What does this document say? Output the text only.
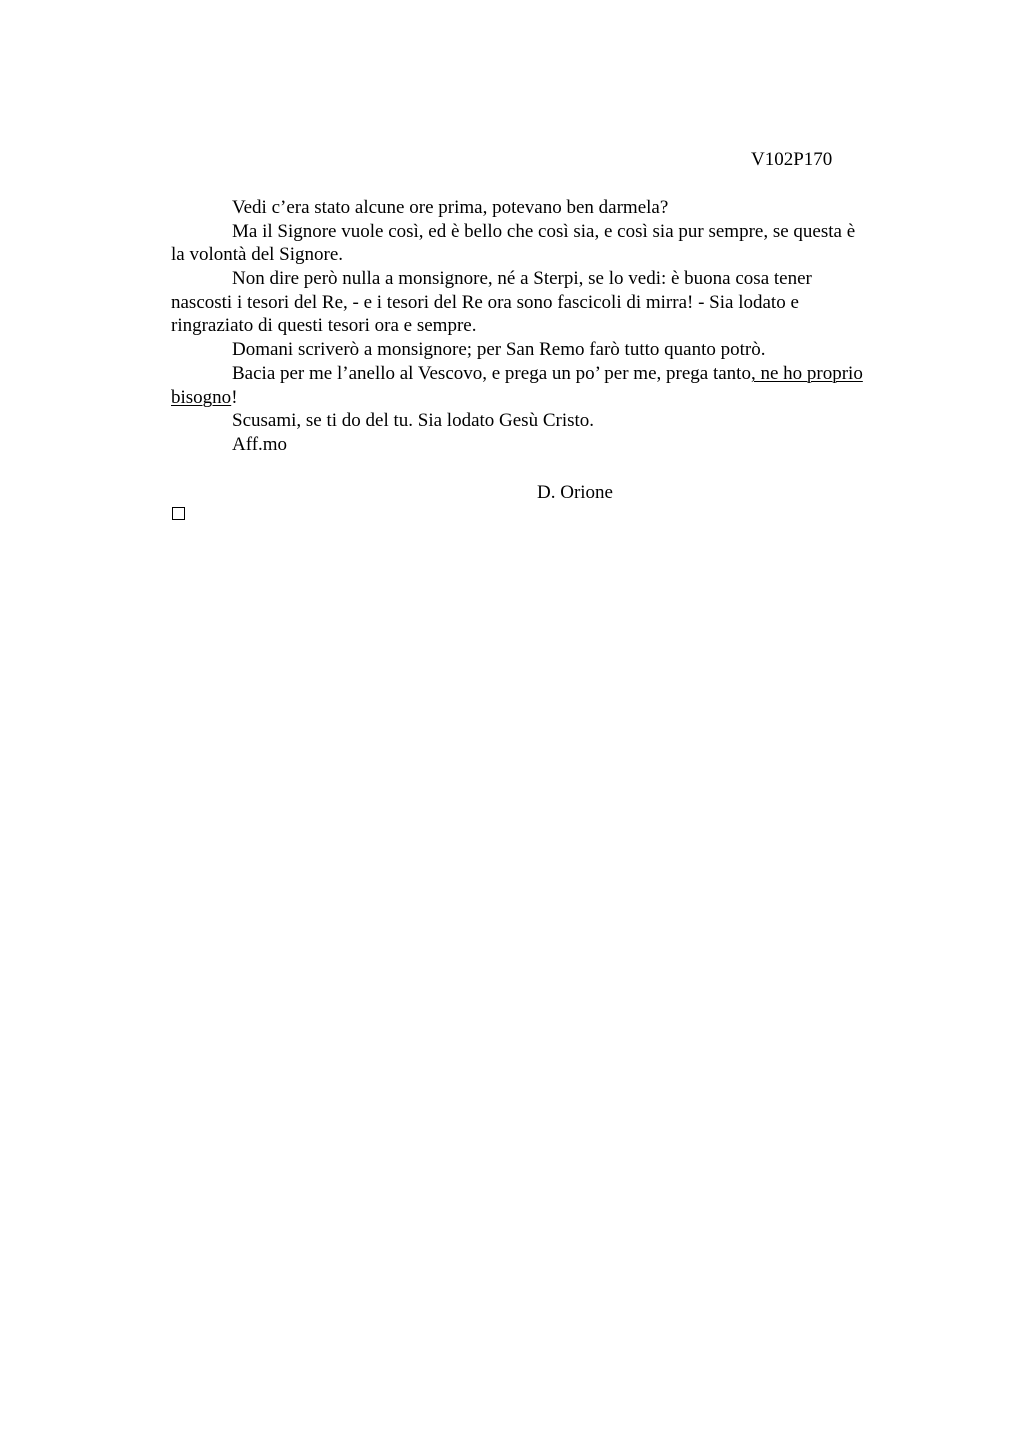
V102P170
Vedi c’era stato alcune ore prima, potevano ben darmela?
Ma il Signore vuole così, ed è bello che così sia, e così sia pur sempre, se questa è
la volontà del Signore.
Non dire però nulla a monsignore, né a Sterpi, se lo vedi: è buona cosa tener
nascosti i tesori del Re, - e i tesori del Re ora sono fascicoli di mirra! - Sia lodato e
ringraziato di questi tesori ora e sempre.
Domani scriverò a monsignore; per San Remo farò tutto quanto potrò.
Bacia per me l’anello al Vescovo, e prega un po’ per me, prega tanto, ne ho proprio
bisogno!
Scusami, se ti do del tu. Sia lodato Gesù Cristo.
Aff.mo
D. Orione
